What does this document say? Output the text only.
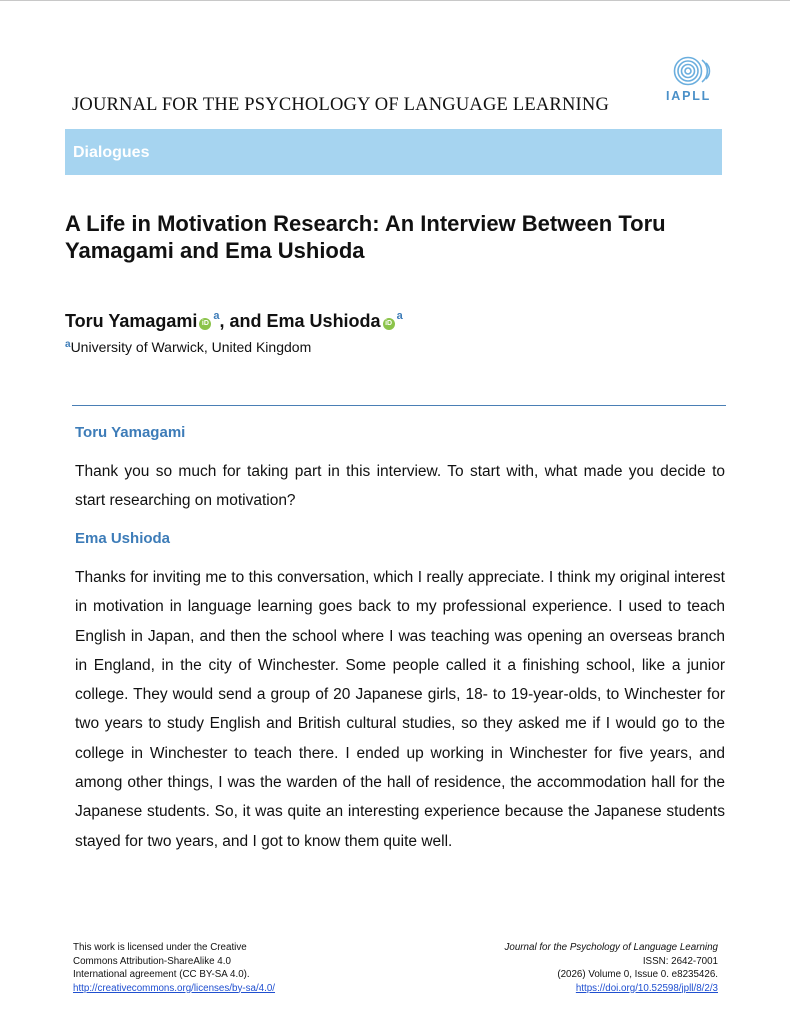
JOURNAL FOR THE PSYCHOLOGY OF LANGUAGE LEARNING	IAPLL
Dialogues
A Life in Motivation Research: An Interview Between Toru Yamagami and Ema Ushioda
Toru Yamagami $iD^a$, and Ema Ushioda $iD^a$
$^a$University of Warwick, United Kingdom
Toru Yamagami
Thank you so much for taking part in this interview. To start with, what made you decide to start researching on motivation?
Ema Ushioda
Thanks for inviting me to this conversation, which I really appreciate. I think my original interest in motivation in language learning goes back to my professional experience. I used to teach English in Japan, and then the school where I was teaching was opening an overseas branch in England, in the city of Winchester. Some people called it a finishing school, like a junior college. They would send a group of 20 Japanese girls, 18- to 19-year-olds, to Winchester for two years to study English and British cultural studies, so they asked me if I would go to the college in Winchester to teach there. I ended up working in Winchester for five years, and among other things, I was the warden of the hall of residence, the accommodation hall for the Japanese students. So, it was quite an interesting experience because the Japanese students stayed for two years, and I got to know them quite well.
This work is licensed under the Creative
Commons Attribution-ShareAlike 4.0
International agreement (CC BY-SA 4.0).
http://creativecommons.org/licenses/by-sa/4.0/
Journal for the Psychology of Language Learning
ISSN: 2642-7001
(2026) Volume 0, Issue 0. e8235426.
https://doi.org/10.52598/jpll/8/2/3
